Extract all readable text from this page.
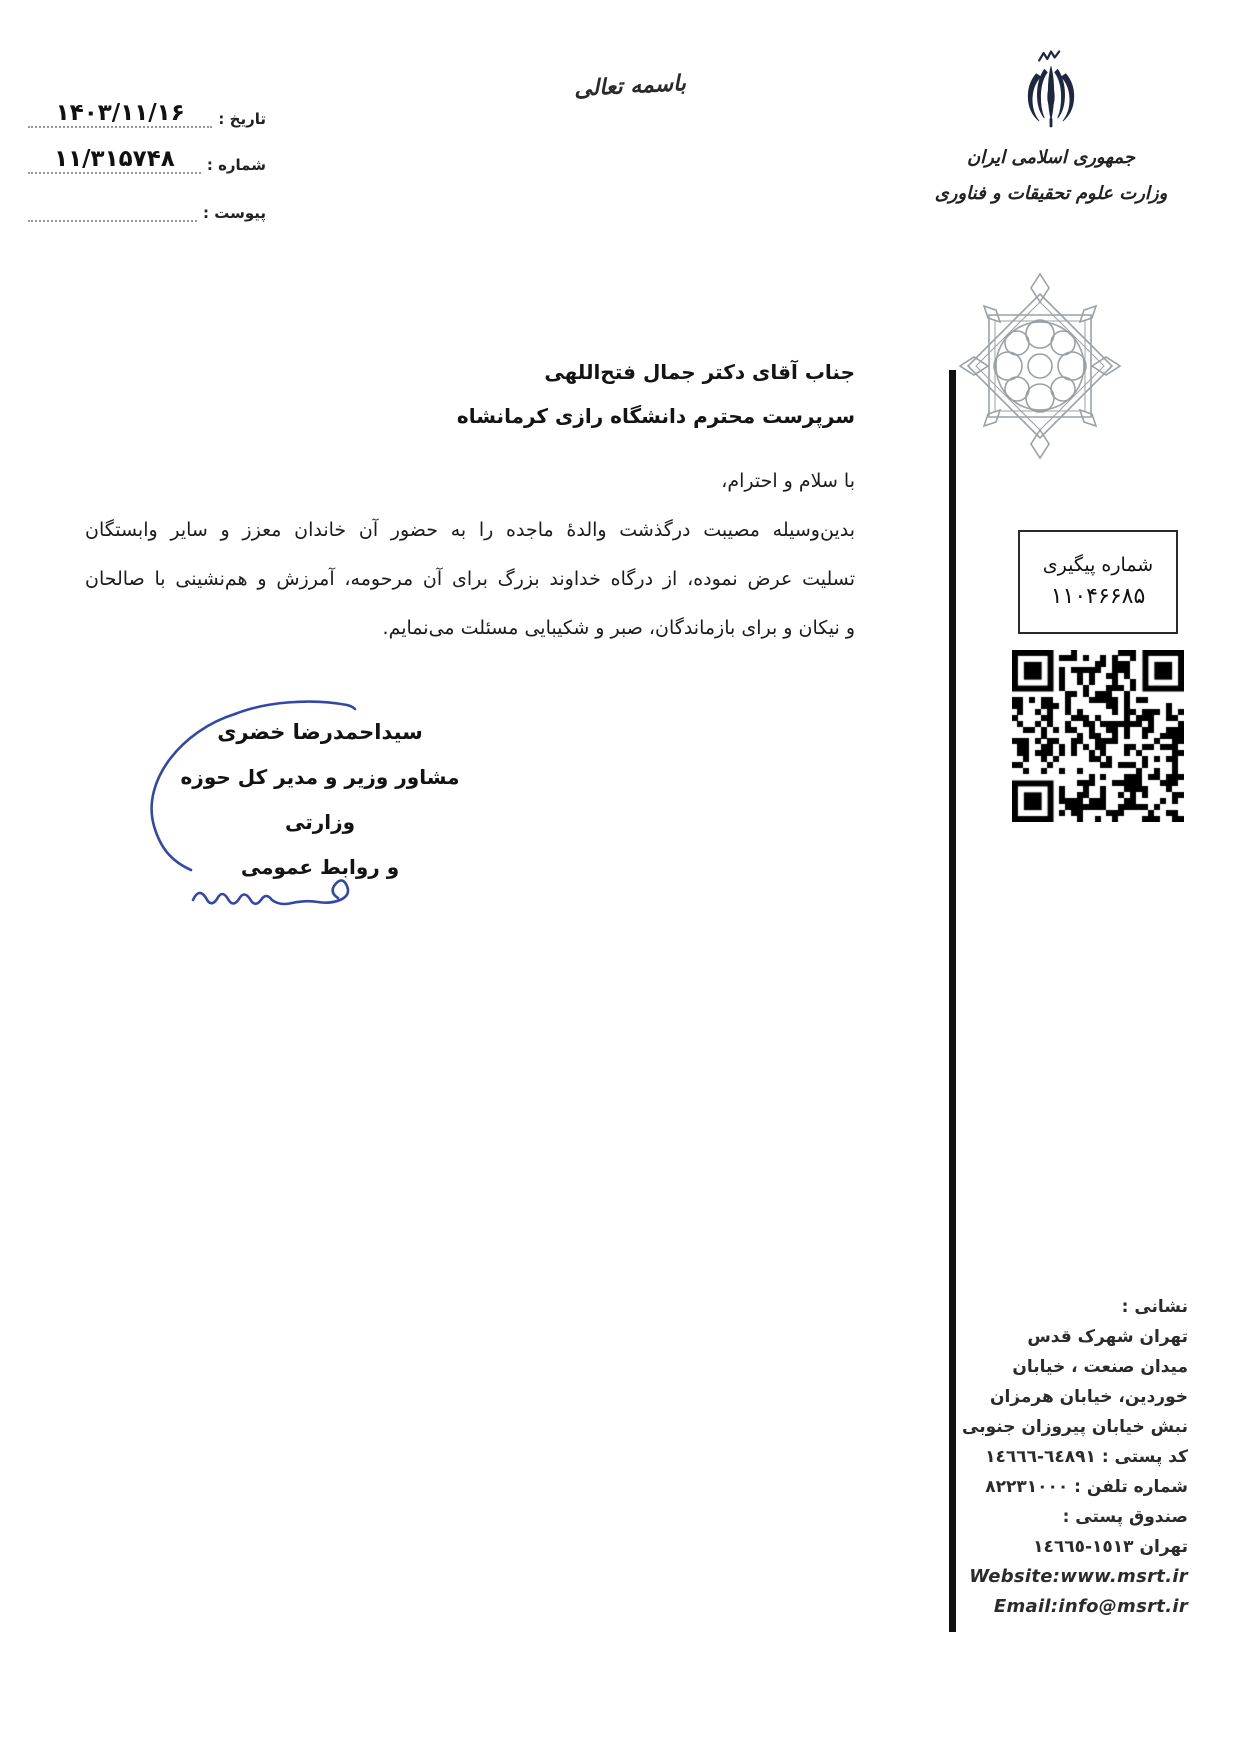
تاریخ :
۱۴۰۳/۱۱/۱۶
شماره :
۱۱/۳۱۵۷۴۸
پیوست :
باسمه تعالی
جمهوری اسلامی ایران
وزارت علوم تحقیقات و فناوری
جناب آقای دکتر جمال فتح‌اللهی
سرپرست محترم دانشگاه رازی کرمانشاه
با سلام و احترام،
بدین‌وسیله مصیبت درگذشت والدهٔ ماجده را به حضور آن خاندان معزز و سایر وابستگان
تسلیت عرض نموده، از درگاه خداوند بزرگ برای آن مرحومه، آمرزش و هم‌نشینی با صالحان
و نیکان و برای بازماندگان، صبر و شکیبایی مسئلت می‌نمایم.
سیداحمدرضا خضری
مشاور وزیر و مدیر کل حوزه وزارتی
و روابط عمومی
شماره پیگیری
۱۱۰۴۶۶۸۵
نشانی :
تهران شهرک قدس
میدان صنعت ، خیابان
خوردین، خیابان هرمزان
نبش خیابان پیروزان جنوبی
کد پستی : ٦٤٨٩١-١٤٦٦٦
شماره تلفن : ۸۲۲۳۱۰۰۰
صندوق پستی :
تهران ١٥١٣-١٤٦٦٥
Website:www.msrt.ir
Email:info@msrt.ir
